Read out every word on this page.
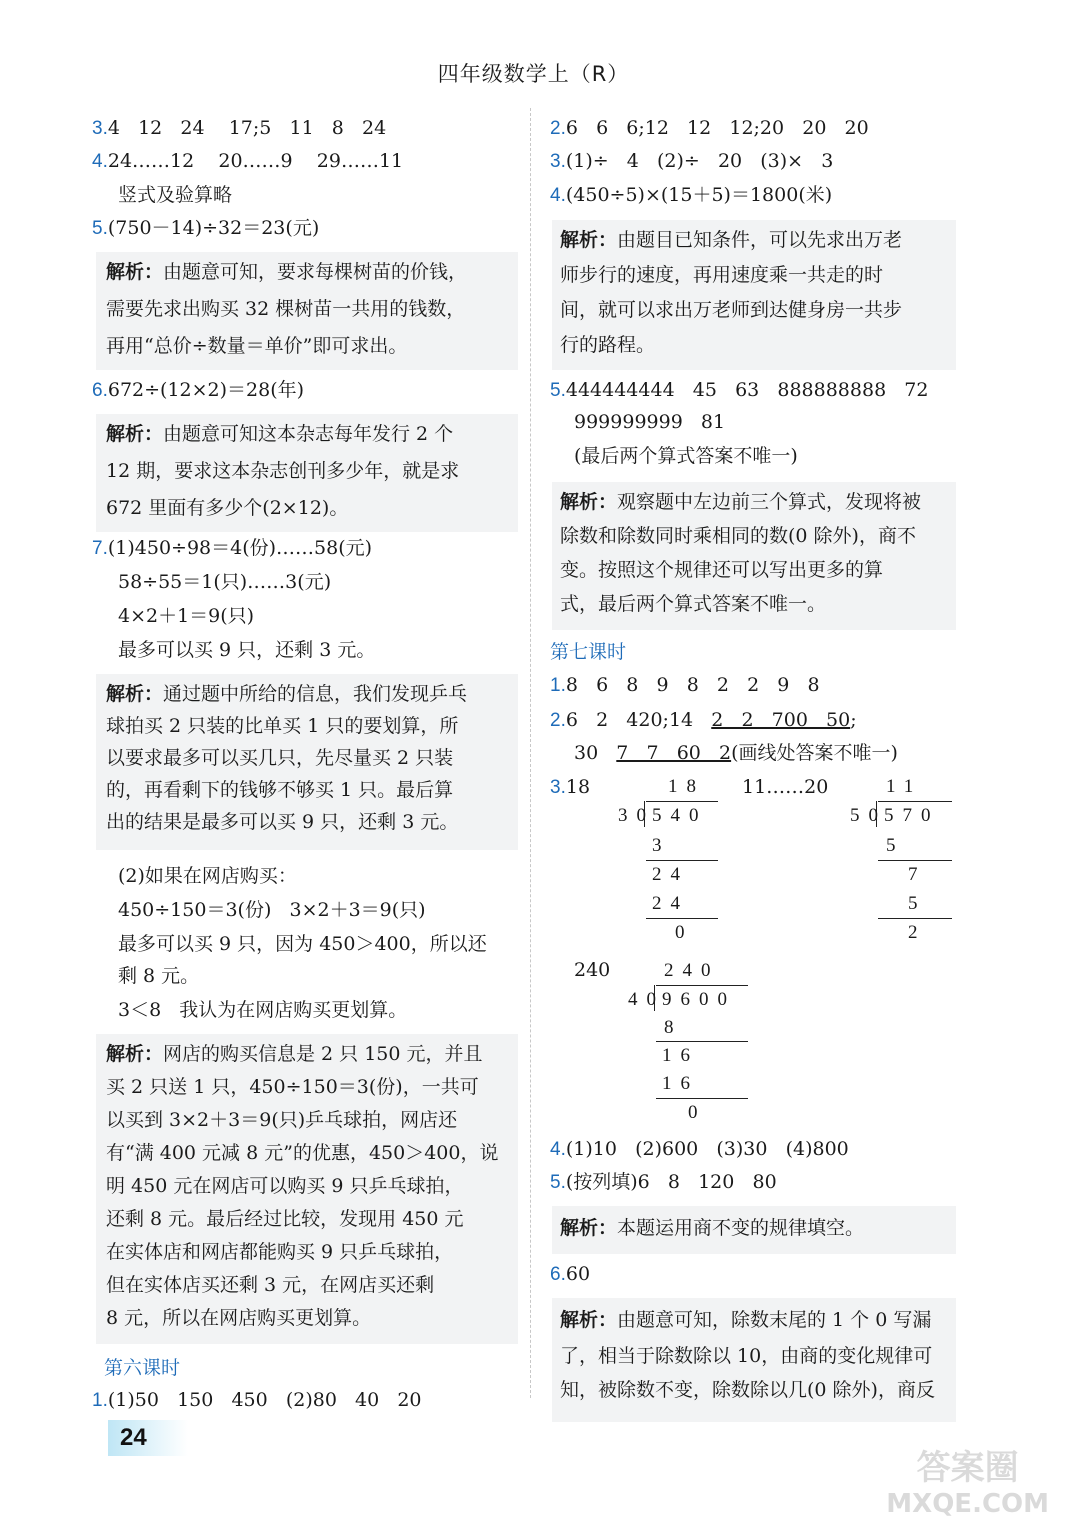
四年级数学上（R）
3.4   12   24    17;5   11   8   24
4.24……12    20……9    29……11
竖式及验算略
5.(750－14)÷32＝23(元)
解析：由题意可知，要求每棵树苗的价钱，
需要先求出购买 32 棵树苗一共用的钱数，
再用“总价÷数量＝单价”即可求出。
6.672÷(12×2)＝28(年)
解析：由题意可知这本杂志每年发行 2 个
12 期，要求这本杂志创刊多少年，就是求
672 里面有多少个(2×12)。
7.(1)450÷98＝4(份)……58(元)
58÷55＝1(只)……3(元)
4×2＋1＝9(只)
最多可以买 9 只，还剩 3 元。
解析：通过题中所给的信息，我们发现乒乓
球拍买 2 只装的比单买 1 只的要划算，所
以要求最多可以买几只，先尽量买 2 只装
的，再看剩下的钱够不够买 1 只。最后算
出的结果是最多可以买 9 只，还剩 3 元。
(2)如果在网店购买：
450÷150＝3(份)   3×2＋3＝9(只)
最多可以买 9 只，因为 450＞400，所以还
剩 8 元。
3＜8   我认为在网店购买更划算。
解析：网店的购买信息是 2 只 150 元，并且
买 2 只送 1 只，450÷150＝3(份)，一共可
以买到 3×2＋3＝9(只)乒乓球拍，网店还
有“满 400 元减 8 元”的优惠，450＞400，说
明 450 元在网店可以购买 9 只乒乓球拍，
还剩 8 元。最后经过比较，发现用 450 元
在实体店和网店都能购买 9 只乒乓球拍，
但在实体店买还剩 3 元，在网店买还剩
8 元，所以在网店购买更划算。
第六课时
1.(1)50   150   450   (2)80   40   20
2.6   6   6;12   12   12;20   20   20
3.(1)÷   4   (2)÷   20   (3)×   3
4.(450÷5)×(15＋5)＝1800(米)
解析：由题目已知条件，可以先求出万老
师步行的速度，再用速度乘一共走的时
间，就可以求出万老师到达健身房一共步
行的路程。
5.444444444   45   63   888888888   72
999999999   81
(最后两个算式答案不唯一)
解析：观察题中左边前三个算式，发现将被
除数和除数同时乘相同的数(0 除外)，商不
变。按照这个规律还可以写出更多的算
式，最后两个算式答案不唯一。
第七课时
1.8   6   8   9   8   2   2   9   8
2.6   2   420;14   2   2   700   50;
30   7   7   60   2(画线处答案不唯一)
3.18	11……20
18
30
540
3
24
24
0
11
50
570
5
7
5
2
240	240
40
9600
8
16
16
0
4.(1)10   (2)600   (3)30   (4)800
5.(按列填)6   8   120   80
解析：本题运用商不变的规律填空。
6.60
解析：由题意可知，除数末尾的 1 个 0 写漏
了，相当于除数除以 10，由商的变化规律可
知，被除数不变，除数除以几(0 除外)，商反
24
答案圈
MXQE.COM
